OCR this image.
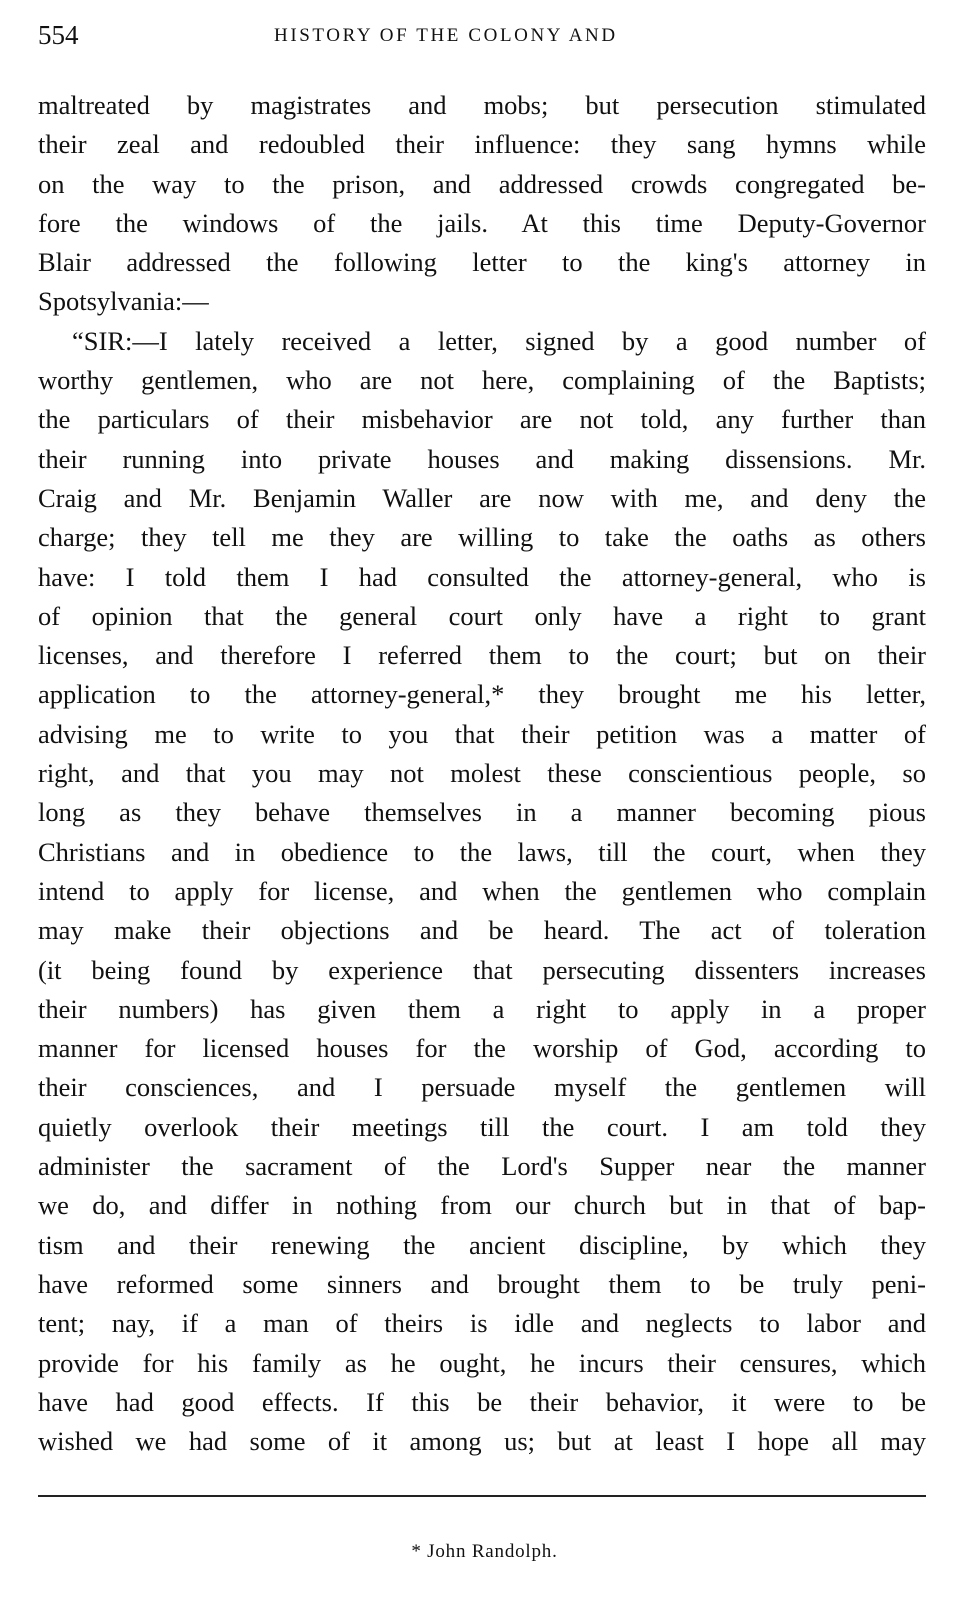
554	HISTORY OF THE COLONY AND
maltreated by magistrates and mobs; but persecution stimulated
their zeal and redoubled their influence: they sang hymns while
on the way to the prison, and addressed crowds congregated be-
fore the windows of the jails. At this time Deputy-Governor
Blair addressed the following letter to the king's attorney in
Spotsylvania:—
“SIR:—I lately received a letter, signed by a good number of
worthy gentlemen, who are not here, complaining of the Baptists;
the particulars of their misbehavior are not told, any further than
their running into private houses and making dissensions. Mr.
Craig and Mr. Benjamin Waller are now with me, and deny the
charge; they tell me they are willing to take the oaths as others
have: I told them I had consulted the attorney-general, who is
of opinion that the general court only have a right to grant
licenses, and therefore I referred them to the court; but on their
application to the attorney-general,* they brought me his letter,
advising me to write to you that their petition was a matter of
right, and that you may not molest these conscientious people, so
long as they behave themselves in a manner becoming pious
Christians and in obedience to the laws, till the court, when they
intend to apply for license, and when the gentlemen who complain
may make their objections and be heard. The act of toleration
(it being found by experience that persecuting dissenters increases
their numbers) has given them a right to apply in a proper
manner for licensed houses for the worship of God, according to
their consciences, and I persuade myself the gentlemen will
quietly overlook their meetings till the court. I am told they
administer the sacrament of the Lord's Supper near the manner
we do, and differ in nothing from our church but in that of bap-
tism and their renewing the ancient discipline, by which they
have reformed some sinners and brought them to be truly peni-
tent; nay, if a man of theirs is idle and neglects to labor and
provide for his family as he ought, he incurs their censures, which
have had good effects. If this be their behavior, it were to be
wished we had some of it among us; but at least I hope all may
* John Randolph.
